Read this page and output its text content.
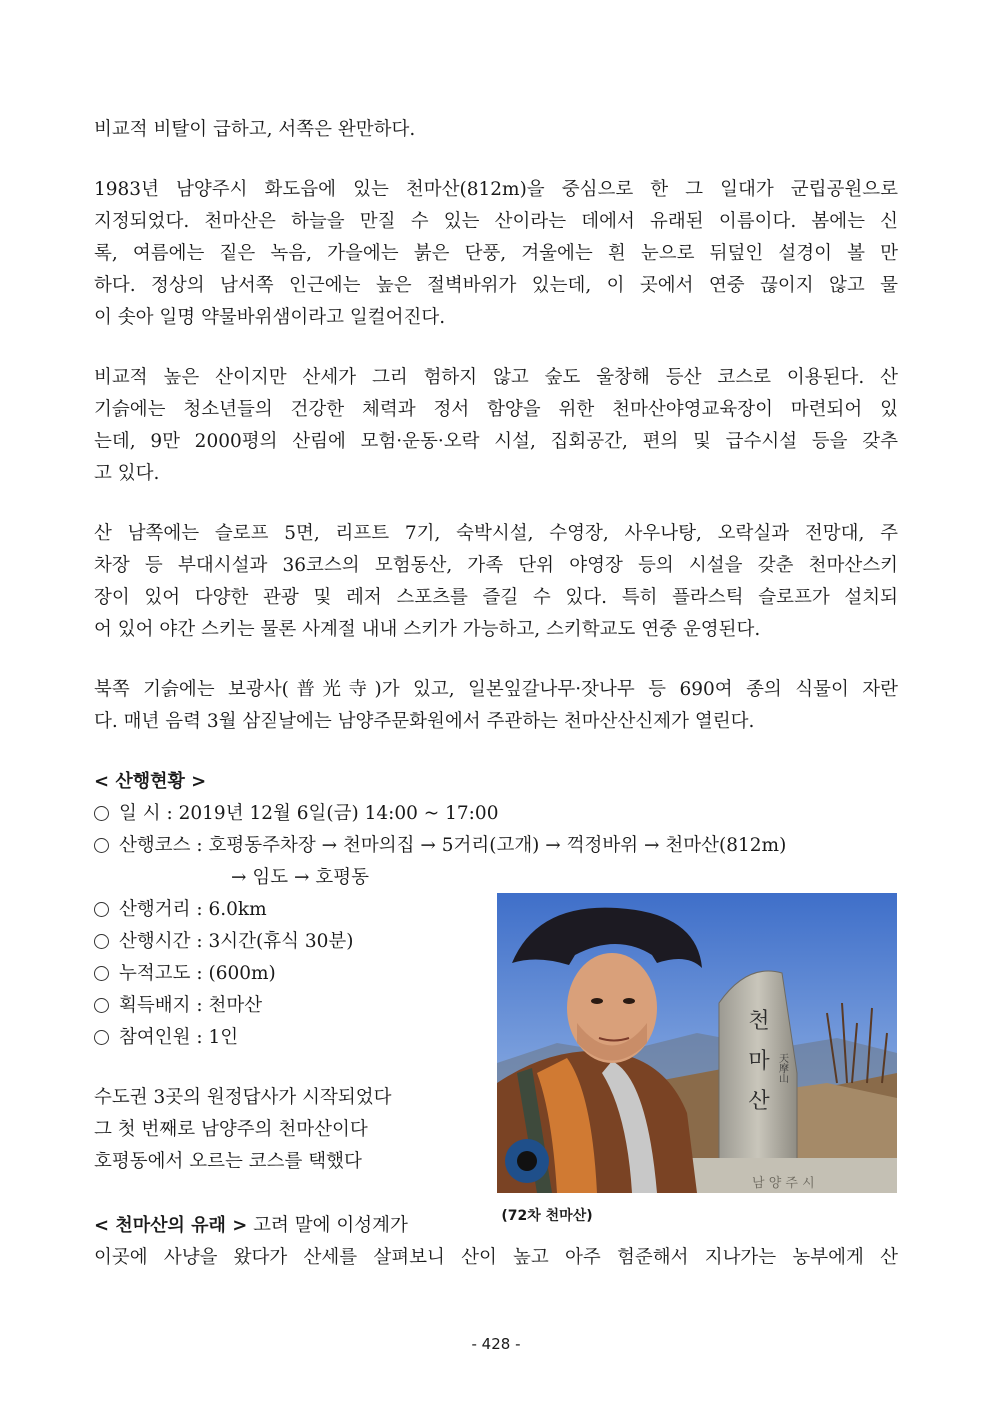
비교적 비탈이 급하고, 서쪽은 완만하다.
1983년 남양주시 화도읍에 있는 천마산(812m)을 중심으로 한 그 일대가 군립공원으로
지정되었다. 천마산은 하늘을 만질 수 있는 산이라는 데에서 유래된 이름이다. 봄에는 신
록, 여름에는 짙은 녹음, 가을에는 붉은 단풍, 겨울에는 흰 눈으로 뒤덮인 설경이 볼 만
하다. 정상의 남서쪽 인근에는 높은 절벽바위가 있는데, 이 곳에서 연중 끊이지 않고 물
이 솟아 일명 약물바위샘이라고 일컬어진다.
비교적 높은 산이지만 산세가 그리 험하지 않고 숲도 울창해 등산 코스로 이용된다. 산
기슭에는 청소년들의 건강한 체력과 정서 함양을 위한 천마산야영교육장이 마련되어 있
는데, 9만 2000평의 산림에 모험·운동·오락 시설, 집회공간, 편의 및 급수시설 등을 갖추
고 있다.
산 남쪽에는 슬로프 5면, 리프트 7기, 숙박시설, 수영장, 사우나탕, 오락실과 전망대, 주
차장 등 부대시설과 36코스의 모험동산, 가족 단위 야영장 등의 시설을 갖춘 천마산스키
장이 있어 다양한 관광 및 레저 스포츠를 즐길 수 있다. 특히 플라스틱 슬로프가 설치되
어 있어 야간 스키는 물론 사계절 내내 스키가 가능하고, 스키학교도 연중 운영된다.
북쪽 기슭에는 보광사(普光寺)가 있고, 일본잎갈나무·잣나무 등 690여 종의 식물이 자란
다. 매년 음력 3월 삼짇날에는 남양주문화원에서 주관하는 천마산산신제가 열린다.
< 산행현황 >
일 시 : 2019년 12월 6일(금) 14:00 ~ 17:00
산행코스 : 호평동주차장 → 천마의집 → 5거리(고개) → 꺽정바위 → 천마산(812m)
→ 임도 → 호평동
산행거리 : 6.0km
산행시간 : 3시간(휴식 30분)
누적고도 : (600m)
획득배지 : 천마산
참여인원 : 1인
수도권 3곳의 원정답사가 시작되었다
그 첫 번째로 남양주의 천마산이다
호평동에서 오르는 코스를 택했다
< 천마산의 유래 > 고려 말에 이성계가
이곳에 사냥을 왔다가 산세를 살펴보니 산이 높고 아주 험준해서 지나가는 농부에게 산
천
마
산
天摩山
남 양 주 시
(72차 천마산)
- 428 -
